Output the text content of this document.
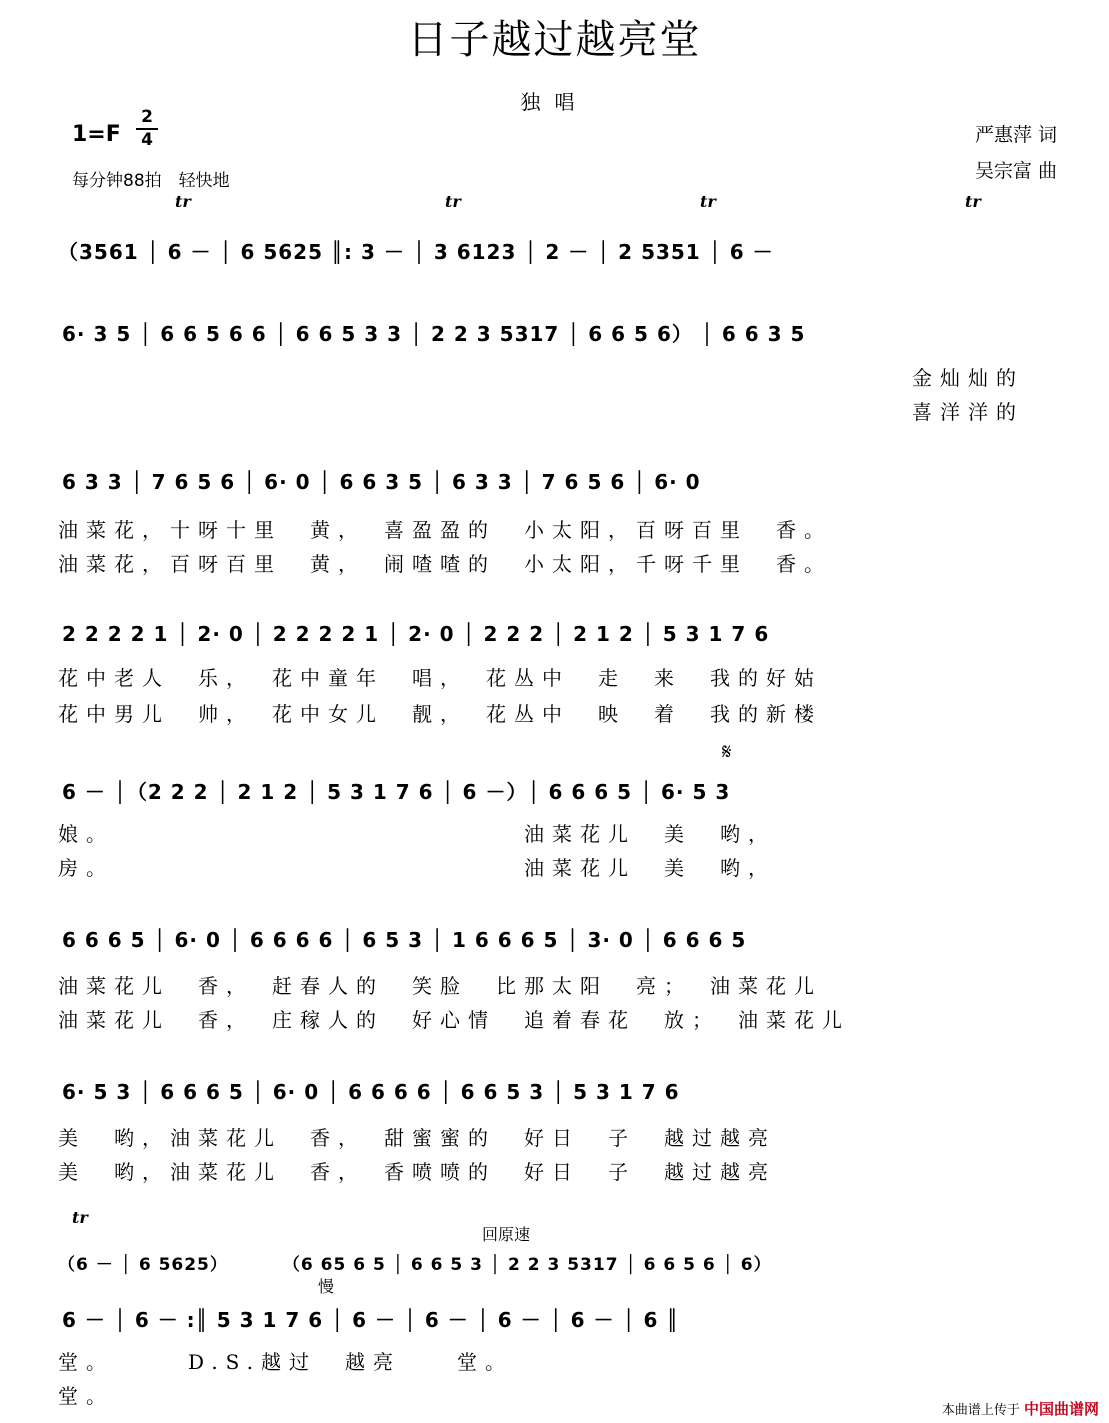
日子越过越亮堂
独唱
1=F
2
4
每分钟88拍　轻快地
严惠萍 词
吴宗富 曲
tr	tr	tr	tr
（3561 │ 6 － │ 6 5625 ║: 3 － │ 3 6123 │ 2 － │ 2 5351 │ 6 －
6· 3 5 │ 6 6 5 6 6 │ 6 6 5 3 3 │ 2 2 3 5317 │ 6 6 5 6） │ 6 6 3 5
金灿灿的
喜洋洋的
6 3 3 │ 7 6 5 6 │ 6· 0 │ 6 6 3 5 │ 6 3 3 │ 7 6 5 6 │ 6· 0
油菜花，十呀十里　黄，　喜盈盈的　小太阳，百呀百里　香。
油菜花，百呀百里　黄，　闹喳喳的　小太阳，千呀千里　香。
2 2 2 2 1 │ 2· 0 │ 2 2 2 2 1 │ 2· 0 │ 2 2 2 │ 2 1 2 │ 5 3 1 7 6
花中老人　乐，　花中童年　唱，　花丛中　走　来　我的好姑
花中男儿　帅，　花中女儿　靓，　花丛中　映　着　我的新楼
𝄋
6 － │（2 2 2 │ 2 1 2 │ 5 3 1 7 6 │ 6 －）│ 6 6 6 5 │ 6· 5 3
娘。　　　　　　　　　　　　　　　油菜花儿　美　哟，
房。　　　　　　　　　　　　　　　油菜花儿　美　哟，
6 6 6 5 │ 6· 0 │ 6 6 6 6 │ 6 5 3 │ 1 6 6 6 5 │ 3· 0 │ 6 6 6 5
油菜花儿　香，　赶春人的　笑脸　比那太阳　亮；　油菜花儿
油菜花儿　香，　庄稼人的　好心情　追着春花　放；　油菜花儿
6· 5 3 │ 6 6 6 5 │ 6· 0 │ 6 6 6 6 │ 6 6 5 3 │ 5 3 1 7 6
美　哟，油菜花儿　香，　甜蜜蜜的　好日　子　越过越亮
美　哟，油菜花儿　香，　香喷喷的　好日　子　越过越亮
tr
回原速
（6 － │ 6 5625）　　　　（6 65 6 5 │ 6 6 5 3 │ 2 2 3 5317 │ 6 6 5 6 │ 6）
慢
6 － │ 6 － :║ 5 3 1 7 6 │ 6 － │ 6 － │ 6 － │ 6 － │ 6 ║
堂。　　　D.S.越过　越亮　　堂。
堂。
本曲谱上传于 中国曲谱网
